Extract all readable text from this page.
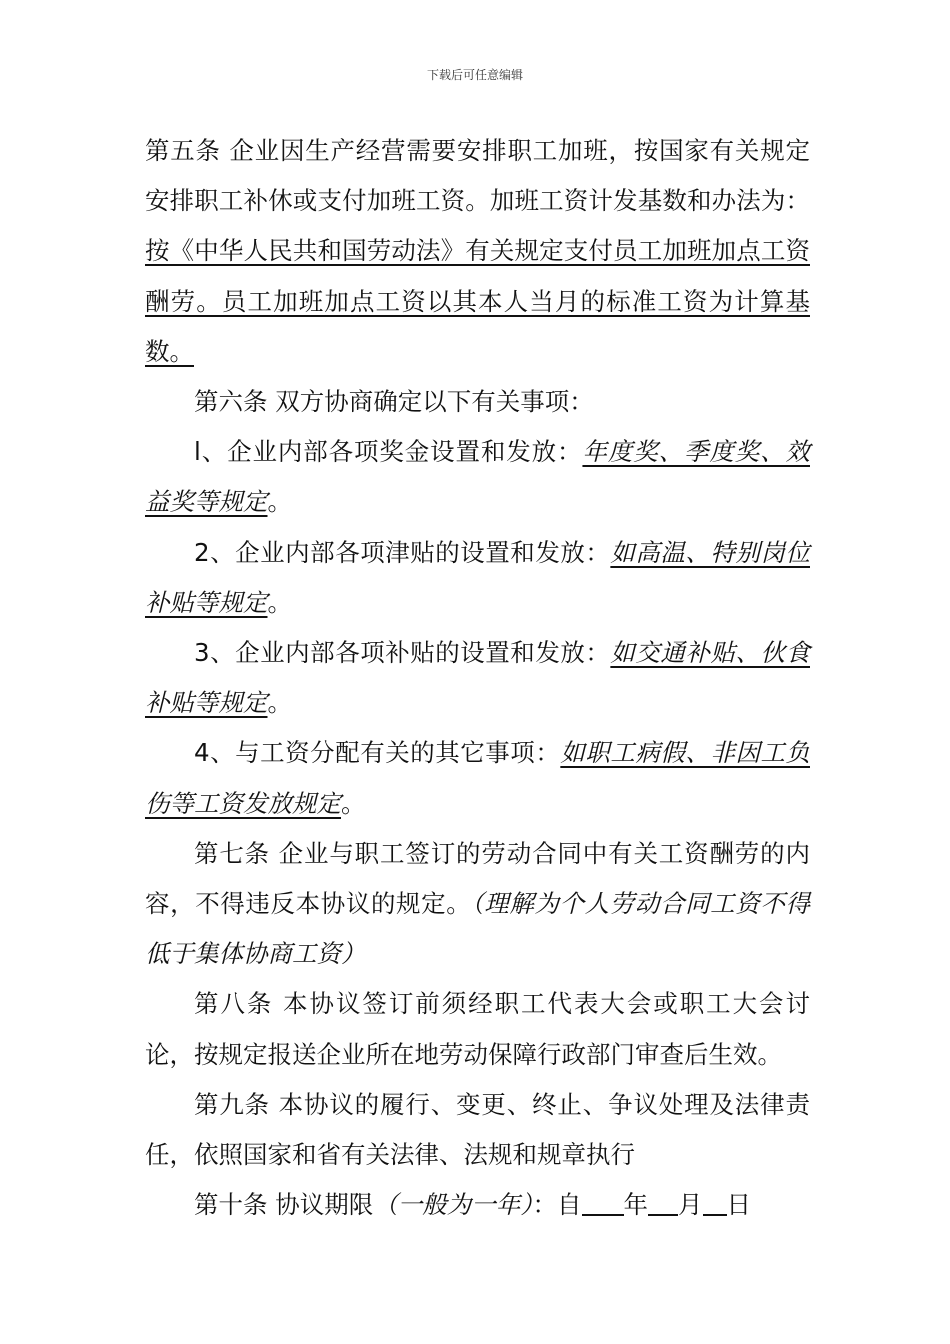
下载后可任意编辑

第五条 企业因生产经营需要安排职工加班，按国家有关规定安排职工补休或支付加班工资。加班工资计发基数和办法为：按《中华人民共和国劳动法》有关规定支付员工加班加点工资酬劳。员工加班加点工资以其本人当月的标准工资为计算基数。

第六条 双方协商确定以下有关事项：

l、企业内部各项奖金设置和发放：年度奖、季度奖、效益奖等规定。

2、企业内部各项津贴的设置和发放：如高温、特别岗位补贴等规定。

3、企业内部各项补贴的设置和发放：如交通补贴、伙食补贴等规定。

4、与工资分配有关的其它事项：如职工病假、非因工负伤等工资发放规定。

第七条 企业与职工签订的劳动合同中有关工资酬劳的内容，不得违反本协议的规定。（理解为个人劳动合同工资不得低于集体协商工资）

第八条 本协议签订前须经职工代表大会或职工大会讨论，按规定报送企业所在地劳动保障行政部门审查后生效。

第九条 本协议的履行、变更、终止、争议处理及法律责任，依照国家和省有关法律、法规和规章执行

第十条 协议期限（一般为一年）：自 年 月 日
